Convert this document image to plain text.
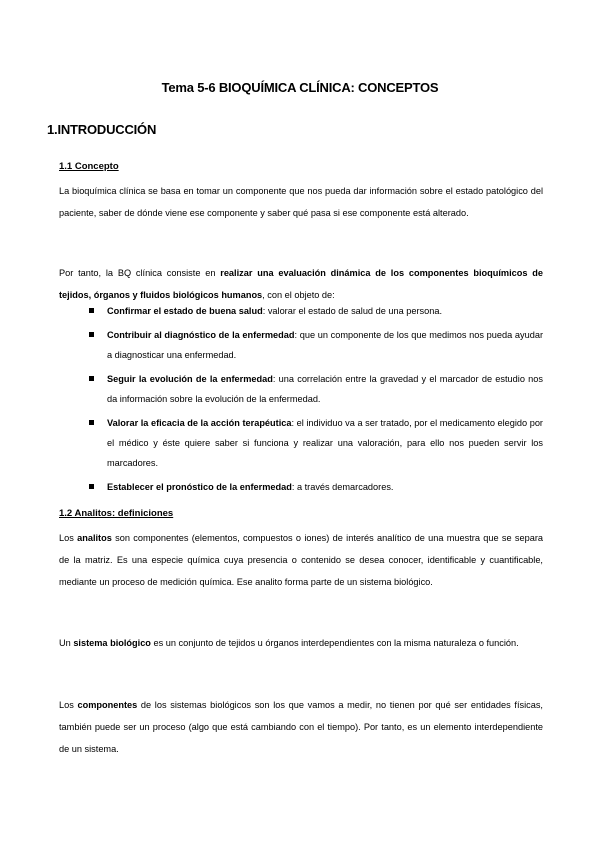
Tema 5-6 BIOQUÍMICA CLÍNICA: CONCEPTOS
1.INTRODUCCIÓN
1.1 Concepto
La bioquímica clínica se basa en tomar un componente que nos pueda dar información sobre el estado patológico del paciente, saber de dónde viene ese componente y saber qué pasa si ese componente está alterado.
Por tanto, la BQ clínica consiste en realizar una evaluación dinámica de los componentes bioquímicos de tejidos, órganos y fluidos biológicos humanos, con el objeto de:
Confirmar el estado de buena salud: valorar el estado de salud de una persona.
Contribuir al diagnóstico de la enfermedad: que un componente de los que medimos nos pueda ayudar a diagnosticar una enfermedad.
Seguir la evolución de la enfermedad: una correlación entre la gravedad y el marcador de estudio nos da información sobre la evolución de la enfermedad.
Valorar la eficacia de la acción terapéutica: el individuo va a ser tratado, por el medicamento elegido por el médico y éste quiere saber si funciona y realizar una valoración, para ello nos pueden servir los marcadores.
Establecer el pronóstico de la enfermedad: a través demarcadores.
1.2 Analitos: definiciones
Los analitos son componentes (elementos, compuestos o iones) de interés analítico de una muestra que se separa de la matriz. Es una especie química cuya presencia o contenido se desea conocer, identificable y cuantificable, mediante un proceso de medición química. Ese analito forma parte de un sistema biológico.
Un sistema biológico es un conjunto de tejidos u órganos interdependientes con la misma naturaleza o función.
Los componentes de los sistemas biológicos son los que vamos a medir, no tienen por qué ser entidades físicas, también puede ser un proceso (algo que está cambiando con el tiempo). Por tanto, es un elemento interdependiente de un sistema.
